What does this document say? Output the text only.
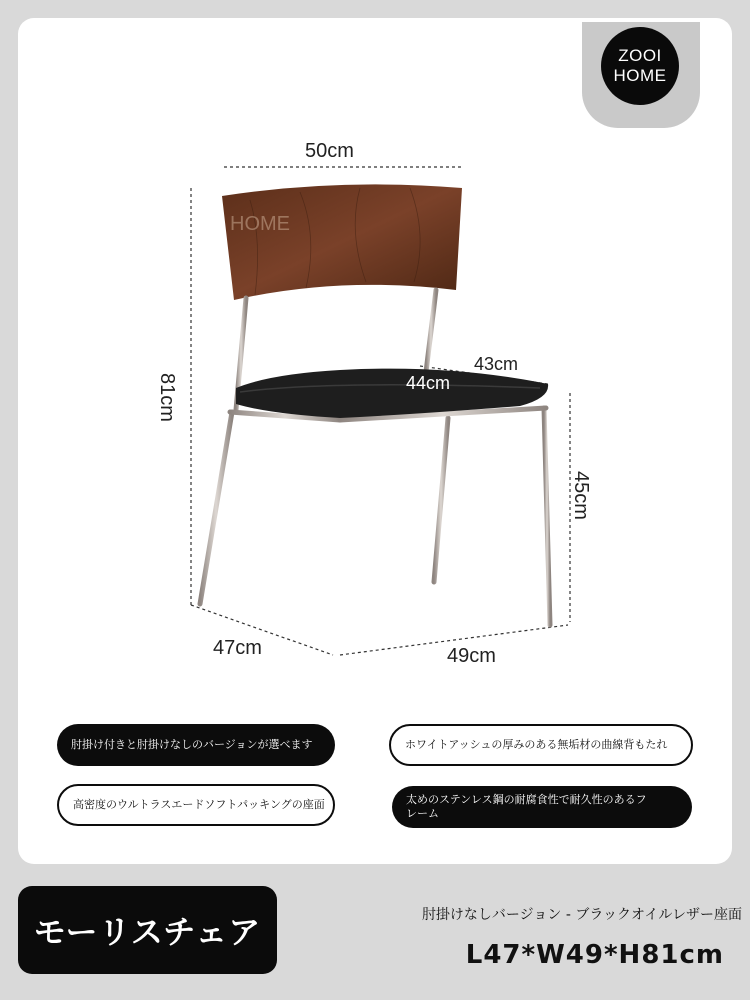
ZOOI
HOME
HOME
50cm
81cm
43cm
44cm
45cm
47cm	49cm
肘掛け付きと肘掛けなしのバージョンが選べます	ホワイトアッシュの厚みのある無垢材の曲線背もたれ
高密度のウルトラスエードソフトパッキングの座面	太めのステンレス鋼の耐腐食性で耐久性のあるフレーム
モーリスチェア	肘掛けなしバージョン - ブラックオイルレザー座面
L47*W49*H81cm
